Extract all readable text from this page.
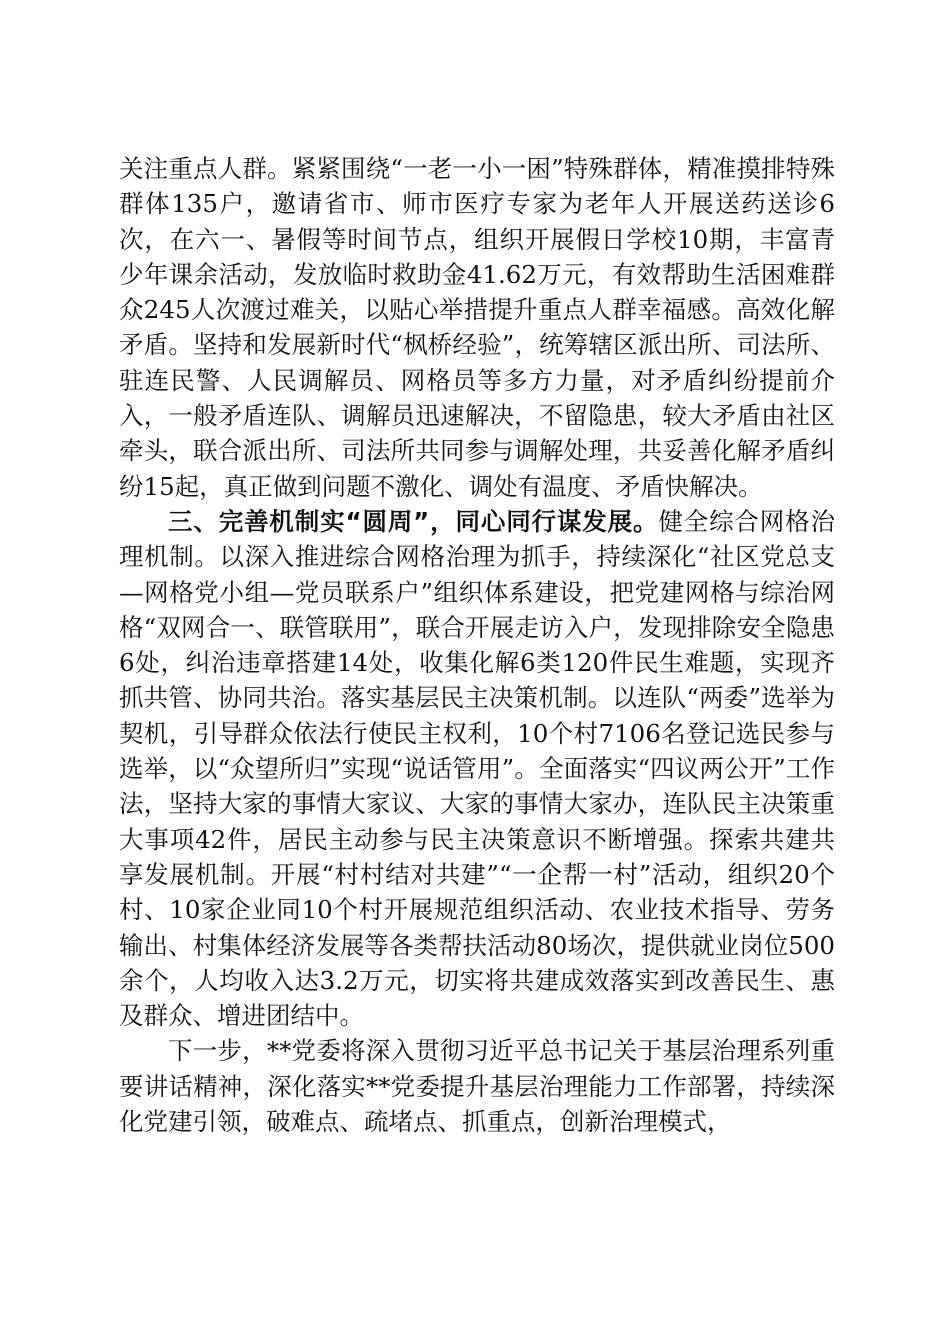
关注重点人群。紧紧围绕“一老一小一困”特殊群体，精准摸排特殊群体135户，邀请省市、师市医疗专家为老年人开展送药送诊6次，在六一、暑假等时间节点，组织开展假日学校10期，丰富青少年课余活动，发放临时救助金41.62万元，有效帮助生活困难群众245人次渡过难关，以贴心举措提升重点人群幸福感。高效化解矛盾。坚持和发展新时代“枫桥经验”，统筹辖区派出所、司法所、驻连民警、人民调解员、网格员等多方力量，对矛盾纠纷提前介入，一般矛盾连队、调解员迅速解决，不留隐患，较大矛盾由社区牵头，联合派出所、司法所共同参与调解处理，共妥善化解矛盾纠纷15起，真正做到问题不激化、调处有温度、矛盾快解决。

三、完善机制实“圆周”，同心同行谋发展。健全综合网格治理机制。以深入推进综合网格治理为抓手，持续深化“社区党总支—网格党小组—党员联系户”组织体系建设，把党建网格与综治网格“双网合一、联管联用”，联合开展走访入户，发现排除安全隐患6处，纠治违章搭建14处，收集化解6类120件民生难题，实现齐抓共管、协同共治。落实基层民主决策机制。以连队“两委”选举为契机，引导群众依法行使民主权利，10个村7106名登记选民参与选举，以“众望所归”实现“说话管用”。全面落实“四议两公开”工作法，坚持大家的事情大家议、大家的事情大家办，连队民主决策重大事项42件，居民主动参与民主决策意识不断增强。探索共建共享发展机制。开展“村村结对共建”“一企帮一村”活动，组织20个村、10家企业同10个村开展规范组织活动、农业技术指导、劳务输出、村集体经济发展等各类帮扶活动80场次，提供就业岗位500余个，人均收入达3.2万元，切实将共建成效落实到改善民生、惠及群众、增进团结中。

下一步，**党委将深入贯彻习近平总书记关于基层治理系列重要讲话精神，深化落实**党委提升基层治理能力工作部署，持续深化党建引领，破难点、疏堵点、抓重点，创新治理模式，
